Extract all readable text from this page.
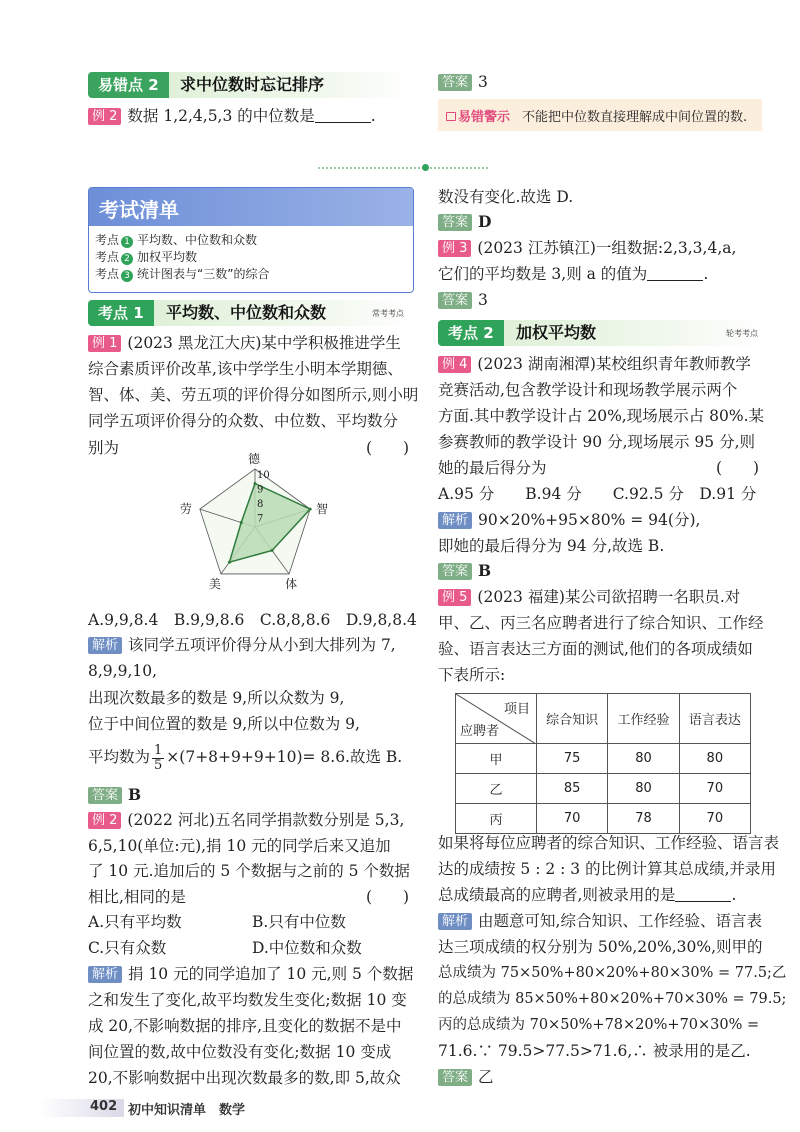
易错点 2	求中位数时忘记排序
例 2 数据 1,2,4,5,3 的中位数是	.
答案 3
易错警示 不能把中位数直接理解成中间位置的数.
考试清单
考点 1 平均数、中位数和众数
考点 2 加权平均数
考点 3 统计图表与“三数”的综合
考点 1	平均数、中位数和众数	常考考点
例 1 (2023 黑龙江大庆)某中学积极推进学生
综合素质评价改革,该中学学生小明本学期德、
智、体、美、劳五项的评价得分如图所示,则小明
同学五项评价得分的众数、中位数、平均数分
别为	(　　)
7
8
9
10
德
智
体
美
劳
A.9,9,8.4　B.9,9,8.6　C.8,8,8.6　D.9,8,8.4
解析 该同学五项评价得分从小到大排列为 7,
8,9,9,10,
出现次数最多的数是 9,所以众数为 9,
位于中间位置的数是 9,所以中位数为 9,
平均数为 $\frac{1}{5} \times(7+8+9+9+10)= 8.6$.故选 B.
答案 B
例 2 (2022 河北)五名同学捐款数分别是 5,3,
6,5,10(单位:元),捐 10 元的同学后来又追加
了 10 元.追加后的 5 个数据与之前的 5 个数据
相比,相同的是	(　　)
A.只有平均数	B.只有中位数
C.只有众数	D.中位数和众数
解析 捐 10 元的同学追加了 10 元,则 5 个数据
之和发生了变化,故平均数发生变化;数据 10 变
成 20,不影响数据的排序,且变化的数据不是中
间位置的数,故中位数没有变化;数据 10 变成
20,不影响数据中出现次数最多的数,即 5,故众
数没有变化.故选 D.
答案 D
例 3 (2023 江苏镇江)一组数据:2,3,3,4,a,
它们的平均数是 3,则 a 的值为	.
答案 3
考点 2	加权平均数	轮考考点
例 4 (2023 湖南湘潭)某校组织青年教师教学
竞赛活动,包含教学设计和现场教学展示两个
方面.其中教学设计占 20%,现场展示占 80%.某
参赛教师的教学设计 90 分,现场展示 95 分,则
她的最后得分为	(　　)
A.95 分　　B.94 分　　C.92.5 分　D.91 分
解析 90×20%+95×80% = 94(分),
即她的最后得分为 94 分,故选 B.
答案 B
例 5 (2023 福建)某公司欲招聘一名职员.对
甲、乙、丙三名应聘者进行了综合知识、工作经
验、语言表达三方面的测试,他们的各项成绩如
下表所示:
项目
应聘者	综合知识	工作经验	语言表达
甲	75	80	80
乙	85	80	70
丙	70	78	70
如果将每位应聘者的综合知识、工作经验、语言表
达的成绩按 5 : 2 : 3 的比例计算其总成绩,并录用
总成绩最高的应聘者,则被录用的是	.
解析 由题意可知,综合知识、工作经验、语言表
达三项成绩的权分别为 50%,20%,30%,则甲的
总成绩为 75×50%+80×20%+80×30% = 77.5;乙
的总成绩为 85×50%+80×20%+70×30% = 79.5;
丙的总成绩为 70×50%+78×20%+70×30% =
71.6.∵ 79.5>77.5>71.6,∴ 被录用的是乙.
答案 乙
402 初中知识清单　数学
